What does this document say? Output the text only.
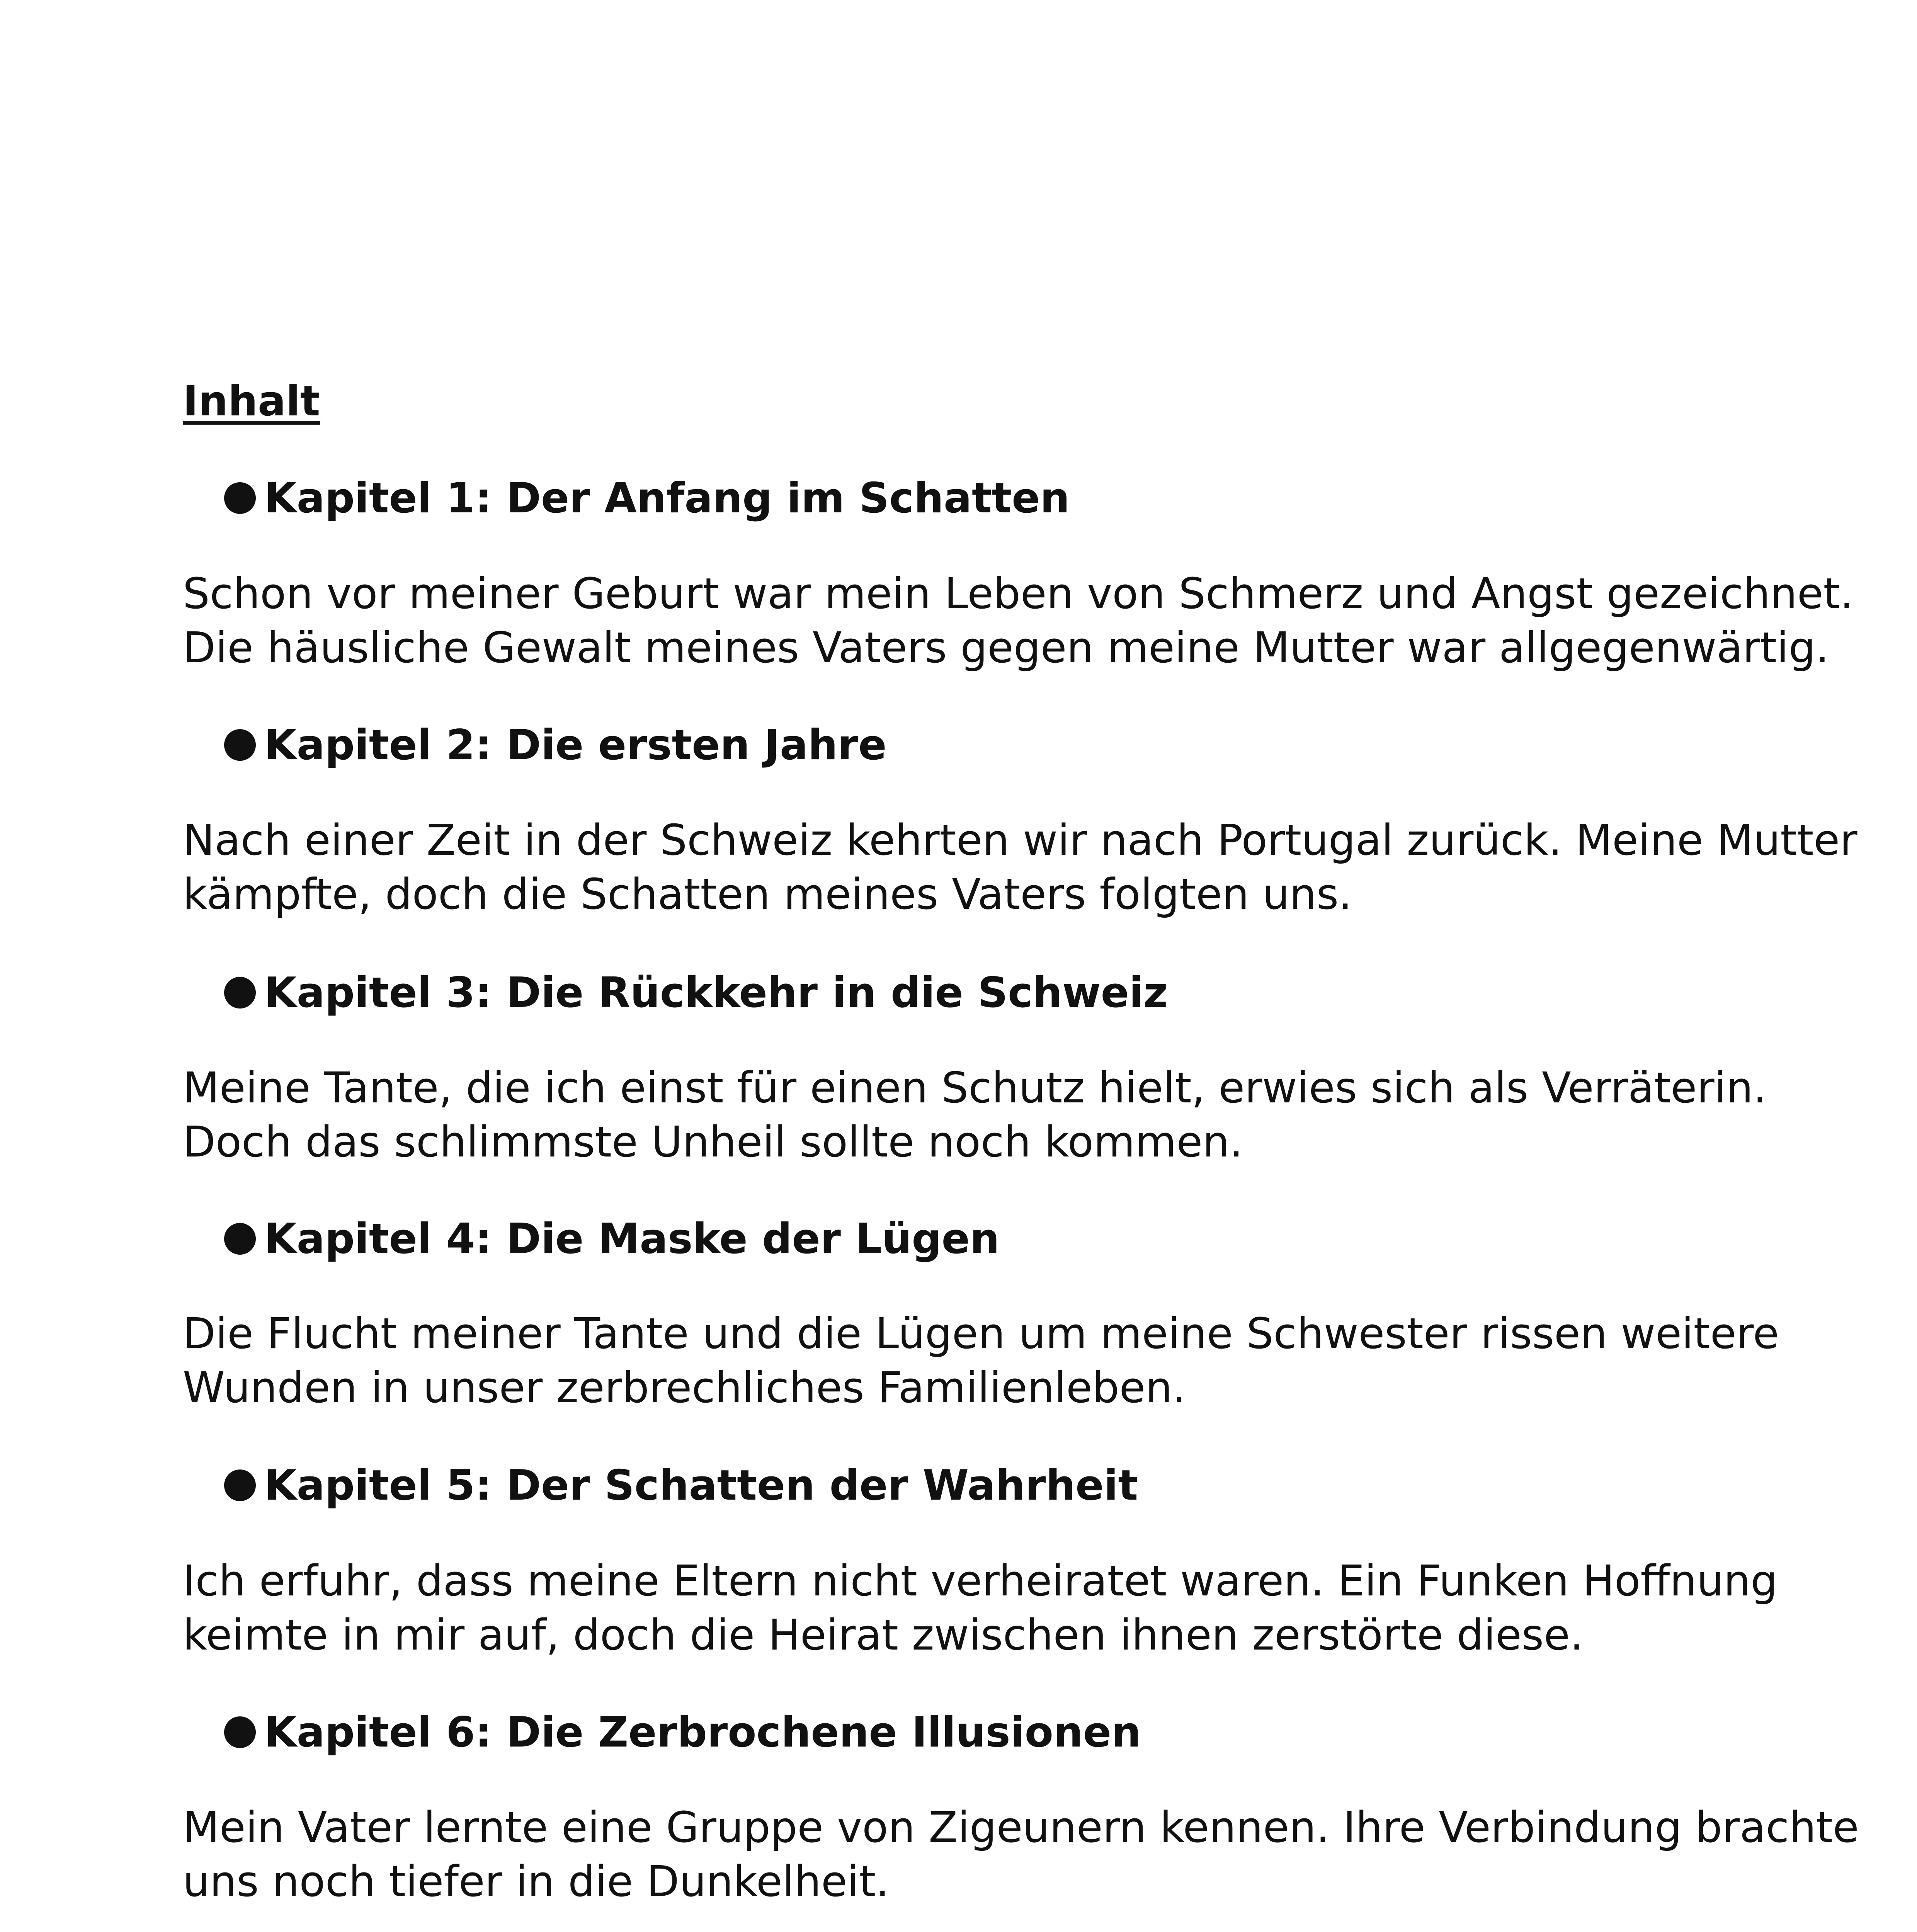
Inhalt
Kapitel 1: Der Anfang im Schatten

Schon vor meiner Geburt war mein Leben von Schmerz und Angst gezeichnet.
Die häusliche Gewalt meines Vaters gegen meine Mutter war allgegenwärtig.

Kapitel 2: Die ersten Jahre

Nach einer Zeit in der Schweiz kehrten wir nach Portugal zurück. Meine Mutter
kämpfte, doch die Schatten meines Vaters folgten uns.

Kapitel 3: Die Rückkehr in die Schweiz

Meine Tante, die ich einst für einen Schutz hielt, erwies sich als Verräterin.
Doch das schlimmste Unheil sollte noch kommen.

Kapitel 4: Die Maske der Lügen

Die Flucht meiner Tante und die Lügen um meine Schwester rissen weitere
Wunden in unser zerbrechliches Familienleben.

Kapitel 5: Der Schatten der Wahrheit

Ich erfuhr, dass meine Eltern nicht verheiratet waren. Ein Funken Hoffnung
keimte in mir auf, doch die Heirat zwischen ihnen zerstörte diese.

Kapitel 6: Die Zerbrochene Illusionen

Mein Vater lernte eine Gruppe von Zigeunern kennen. Ihre Verbindung brachte
uns noch tiefer in die Dunkelheit.
